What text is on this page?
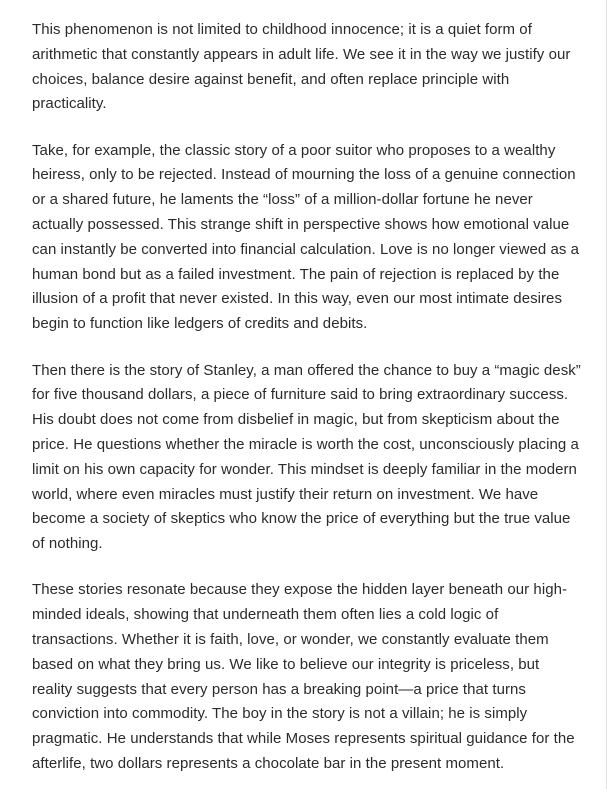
This phenomenon is not limited to childhood innocence; it is a quiet form of arithmetic that constantly appears in adult life. We see it in the way we justify our choices, balance desire against benefit, and often replace principle with practicality.

Take, for example, the classic story of a poor suitor who proposes to a wealthy heiress, only to be rejected. Instead of mourning the loss of a genuine connection or a shared future, he laments the “loss” of a million-dollar fortune he never actually possessed. This strange shift in perspective shows how emotional value can instantly be converted into financial calculation. Love is no longer viewed as a human bond but as a failed investment. The pain of rejection is replaced by the illusion of a profit that never existed. In this way, even our most intimate desires begin to function like ledgers of credits and debits.

Then there is the story of Stanley, a man offered the chance to buy a “magic desk” for five thousand dollars, a piece of furniture said to bring extraordinary success. His doubt does not come from disbelief in magic, but from skepticism about the price. He questions whether the miracle is worth the cost, unconsciously placing a limit on his own capacity for wonder. This mindset is deeply familiar in the modern world, where even miracles must justify their return on investment. We have become a society of skeptics who know the price of everything but the true value of nothing.

These stories resonate because they expose the hidden layer beneath our high-minded ideals, showing that underneath them often lies a cold logic of transactions. Whether it is faith, love, or wonder, we constantly evaluate them based on what they bring us. We like to believe our integrity is priceless, but reality suggests that every person has a breaking point—a price that turns conviction into commodity. The boy in the story is not a villain; he is simply pragmatic. He understands that while Moses represents spiritual guidance for the afterlife, two dollars represents a chocolate bar in the present moment.
